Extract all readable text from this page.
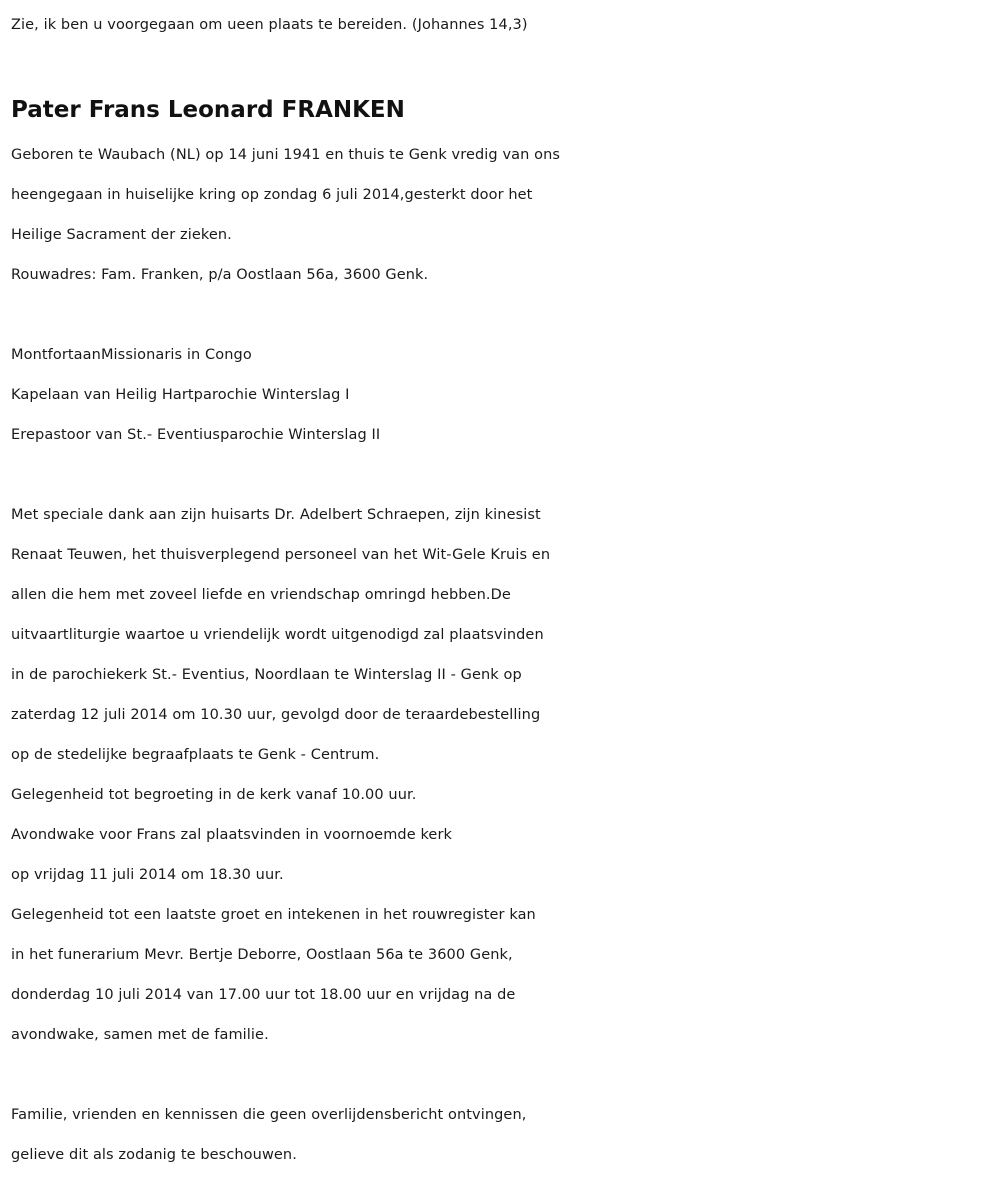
Zie, ik ben u voorgegaan om ueen plaats te bereiden. (Johannes 14,3)
Pater Frans Leonard FRANKEN
Geboren te Waubach (NL) op 14 juni 1941 en thuis te Genk vredig van ons
heengegaan in huiselijke kring op zondag 6 juli 2014,gesterkt door het
Heilige Sacrament der zieken.
Rouwadres: Fam. Franken, p/a Oostlaan 56a, 3600 Genk.
MontfortaanMissionaris in Congo
Kapelaan van Heilig Hartparochie Winterslag I
Erepastoor van St.- Eventiusparochie Winterslag II
Met speciale dank aan zijn huisarts Dr. Adelbert Schraepen, zijn kinesist
Renaat Teuwen, het thuisverplegend personeel van het Wit-Gele Kruis en
allen die hem met zoveel liefde en vriendschap omringd hebben.De
uitvaartliturgie waartoe u vriendelijk wordt uitgenodigd zal plaatsvinden
in de parochiekerk St.- Eventius, Noordlaan te Winterslag II - Genk op
zaterdag 12 juli 2014 om 10.30 uur, gevolgd door de teraardebestelling
op de stedelijke begraafplaats te Genk - Centrum.
Gelegenheid tot begroeting in de kerk vanaf 10.00 uur.
Avondwake voor Frans zal plaatsvinden in voornoemde kerk
op vrijdag 11 juli 2014 om 18.30 uur.
Gelegenheid tot een laatste groet en intekenen in het rouwregister kan
in het funerarium Mevr. Bertje Deborre, Oostlaan 56a te 3600 Genk,
donderdag 10 juli 2014 van 17.00 uur tot 18.00 uur en vrijdag na de
avondwake, samen met de familie.
Familie, vrienden en kennissen die geen overlijdensbericht ontvingen,
gelieve dit als zodanig te beschouwen.
